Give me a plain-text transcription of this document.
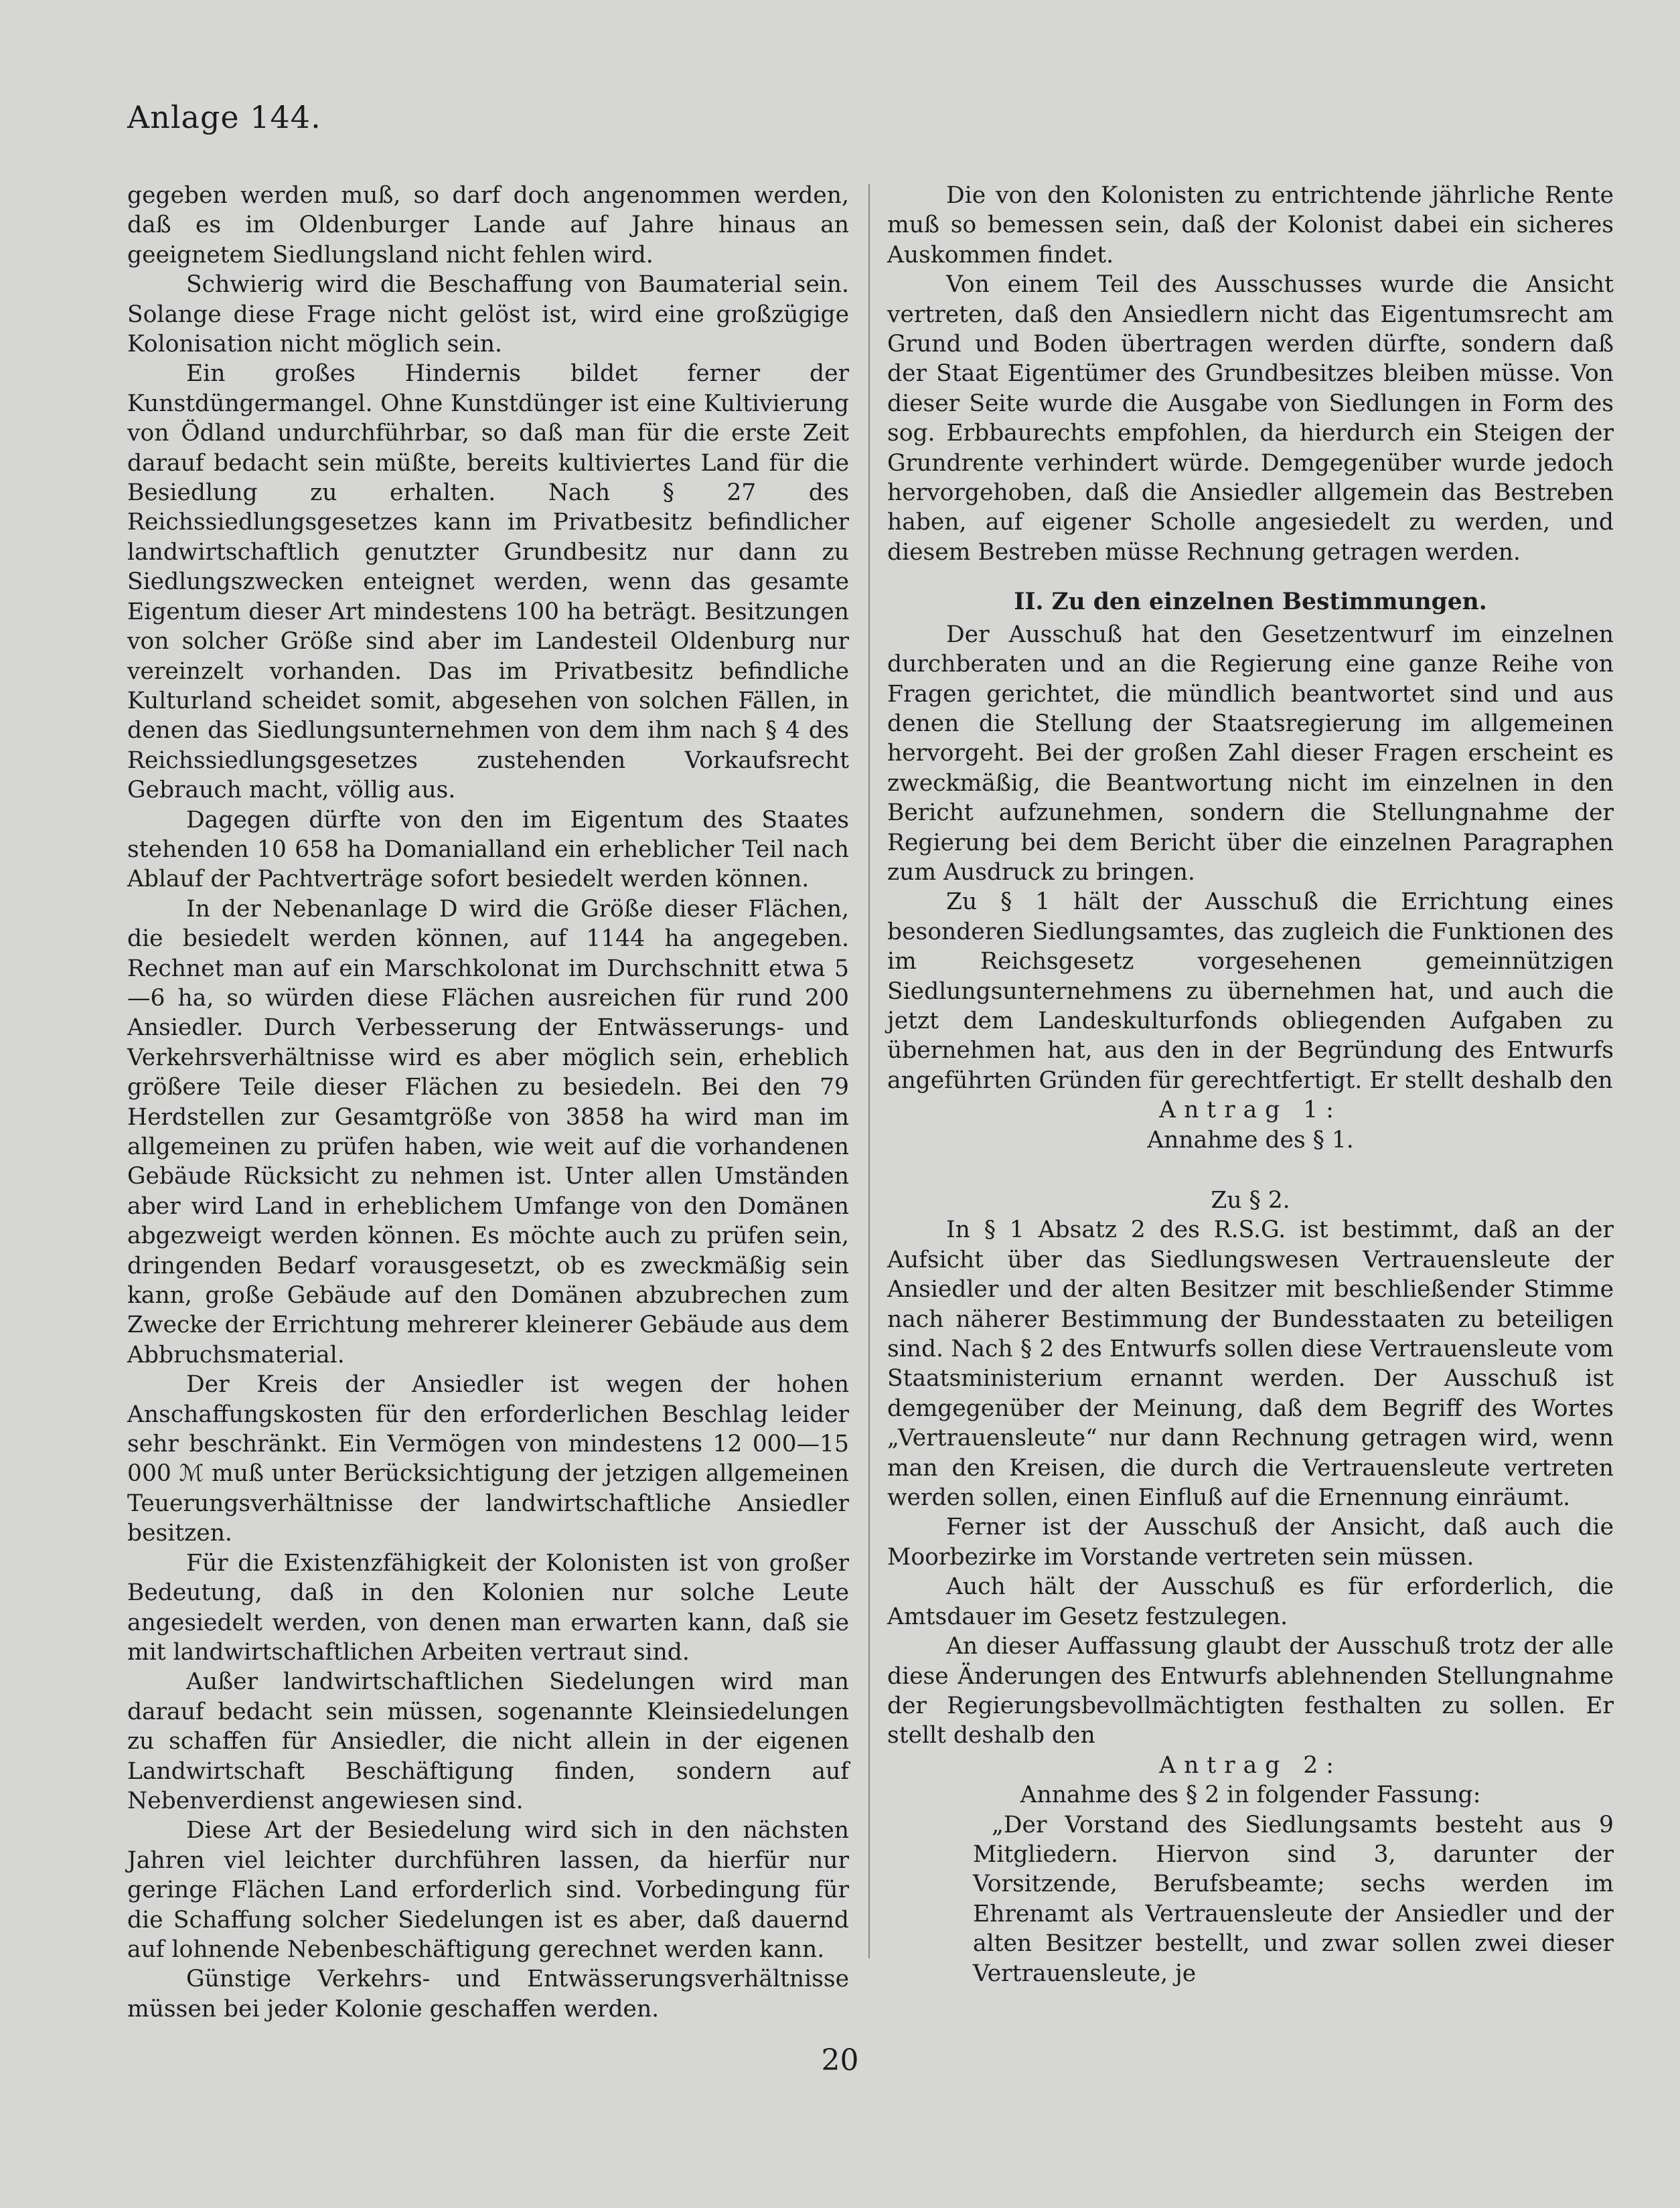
Anlage 144.

gegeben werden muß, so darf doch angenommen werden, daß es im Oldenburger Lande auf Jahre hinaus an geeignetem Siedlungsland nicht fehlen wird.

Schwierig wird die Beschaffung von Baumaterial sein. Solange diese Frage nicht gelöst ist, wird eine großzügige Kolonisation nicht möglich sein.

Ein großes Hindernis bildet ferner der Kunstdüngermangel. Ohne Kunstdünger ist eine Kultivierung von Ödland undurchführbar, so daß man für die erste Zeit darauf bedacht sein müßte, bereits kultiviertes Land für die Besiedlung zu erhalten. Nach § 27 des Reichssiedlungsgesetzes kann im Privatbesitz befindlicher landwirtschaftlich genutzter Grundbesitz nur dann zu Siedlungszwecken enteignet werden, wenn das gesamte Eigentum dieser Art mindestens 100 ha beträgt. Besitzungen von solcher Größe sind aber im Landesteil Oldenburg nur vereinzelt vorhanden. Das im Privatbesitz befindliche Kulturland scheidet somit, abgesehen von solchen Fällen, in denen das Siedlungsunternehmen von dem ihm nach § 4 des Reichssiedlungsgesetzes zustehenden Vorkaufsrecht Gebrauch macht, völlig aus.

Dagegen dürfte von den im Eigentum des Staates stehenden 10 658 ha Domanialland ein erheblicher Teil nach Ablauf der Pachtverträge sofort besiedelt werden können.

In der Nebenanlage D wird die Größe dieser Flächen, die besiedelt werden können, auf 1144 ha angegeben. Rechnet man auf ein Marschkolonat im Durchschnitt etwa 5—6 ha, so würden diese Flächen ausreichen für rund 200 Ansiedler. Durch Verbesserung der Entwässerungs- und Verkehrsverhältnisse wird es aber möglich sein, erheblich größere Teile dieser Flächen zu besiedeln. Bei den 79 Herdstellen zur Gesamtgröße von 3858 ha wird man im allgemeinen zu prüfen haben, wie weit auf die vorhandenen Gebäude Rücksicht zu nehmen ist. Unter allen Umständen aber wird Land in erheblichem Umfange von den Domänen abgezweigt werden können. Es möchte auch zu prüfen sein, dringenden Bedarf vorausgesetzt, ob es zweckmäßig sein kann, große Gebäude auf den Domänen abzubrechen zum Zwecke der Errichtung mehrerer kleinerer Gebäude aus dem Abbruchsmaterial.

Der Kreis der Ansiedler ist wegen der hohen Anschaffungskosten für den erforderlichen Beschlag leider sehr beschränkt. Ein Vermögen von mindestens 12 000—15 000 ℳ muß unter Berücksichtigung der jetzigen allgemeinen Teuerungsverhältnisse der landwirtschaftliche Ansiedler besitzen.

Für die Existenzfähigkeit der Kolonisten ist von großer Bedeutung, daß in den Kolonien nur solche Leute angesiedelt werden, von denen man erwarten kann, daß sie mit landwirtschaftlichen Arbeiten vertraut sind.

Außer landwirtschaftlichen Siedelungen wird man darauf bedacht sein müssen, sogenannte Kleinsiedelungen zu schaffen für Ansiedler, die nicht allein in der eigenen Landwirtschaft Beschäftigung finden, sondern auf Nebenverdienst angewiesen sind.

Diese Art der Besiedelung wird sich in den nächsten Jahren viel leichter durchführen lassen, da hierfür nur geringe Flächen Land erforderlich sind. Vorbedingung für die Schaffung solcher Siedelungen ist es aber, daß dauernd auf lohnende Nebenbeschäftigung gerechnet werden kann.

Günstige Verkehrs- und Entwässerungsverhältnisse müssen bei jeder Kolonie geschaffen werden.

Die von den Kolonisten zu entrichtende jährliche Rente muß so bemessen sein, daß der Kolonist dabei ein sicheres Auskommen findet.

Von einem Teil des Ausschusses wurde die Ansicht vertreten, daß den Ansiedlern nicht das Eigentumsrecht am Grund und Boden übertragen werden dürfte, sondern daß der Staat Eigentümer des Grundbesitzes bleiben müsse. Von dieser Seite wurde die Ausgabe von Siedlungen in Form des sog. Erbbaurechts empfohlen, da hierdurch ein Steigen der Grundrente verhindert würde. Demgegenüber wurde jedoch hervorgehoben, daß die Ansiedler allgemein das Bestreben haben, auf eigener Scholle angesiedelt zu werden, und diesem Bestreben müsse Rechnung getragen werden.

II. Zu den einzelnen Bestimmungen.

Der Ausschuß hat den Gesetzentwurf im einzelnen durchberaten und an die Regierung eine ganze Reihe von Fragen gerichtet, die mündlich beantwortet sind und aus denen die Stellung der Staatsregierung im allgemeinen hervorgeht. Bei der großen Zahl dieser Fragen erscheint es zweckmäßig, die Beantwortung nicht im einzelnen in den Bericht aufzunehmen, sondern die Stellungnahme der Regierung bei dem Bericht über die einzelnen Paragraphen zum Ausdruck zu bringen.

Zu § 1 hält der Ausschuß die Errichtung eines besonderen Siedlungsamtes, das zugleich die Funktionen des im Reichsgesetz vorgesehenen gemeinnützigen Siedlungsunternehmens zu übernehmen hat, und auch die jetzt dem Landeskulturfonds obliegenden Aufgaben zu übernehmen hat, aus den in der Begründung des Entwurfs angeführten Gründen für gerechtfertigt. Er stellt deshalb den

Antrag 1:
Annahme des § 1.
Zu § 2.

In § 1 Absatz 2 des R.S.G. ist bestimmt, daß an der Aufsicht über das Siedlungswesen Vertrauensleute der Ansiedler und der alten Besitzer mit beschließender Stimme nach näherer Bestimmung der Bundesstaaten zu beteiligen sind. Nach § 2 des Entwurfs sollen diese Vertrauensleute vom Staatsministerium ernannt werden. Der Ausschuß ist demgegenüber der Meinung, daß dem Begriff des Wortes „Vertrauensleute“ nur dann Rechnung getragen wird, wenn man den Kreisen, die durch die Vertrauensleute vertreten werden sollen, einen Einfluß auf die Ernennung einräumt.

Ferner ist der Ausschuß der Ansicht, daß auch die Moorbezirke im Vorstande vertreten sein müssen.

Auch hält der Ausschuß es für erforderlich, die Amtsdauer im Gesetz festzulegen.

An dieser Auffassung glaubt der Ausschuß trotz der alle diese Änderungen des Entwurfs ablehnenden Stellungnahme der Regierungsbevollmächtigten festhalten zu sollen. Er stellt deshalb den

Antrag 2:
Annahme des § 2 in folgender Fassung:

„Der Vorstand des Siedlungsamts besteht aus 9 Mitgliedern. Hiervon sind 3, darunter der Vorsitzende, Berufsbeamte; sechs werden im Ehrenamt als Vertrauensleute der Ansiedler und der alten Besitzer bestellt, und zwar sollen zwei dieser Vertrauensleute, je

20
